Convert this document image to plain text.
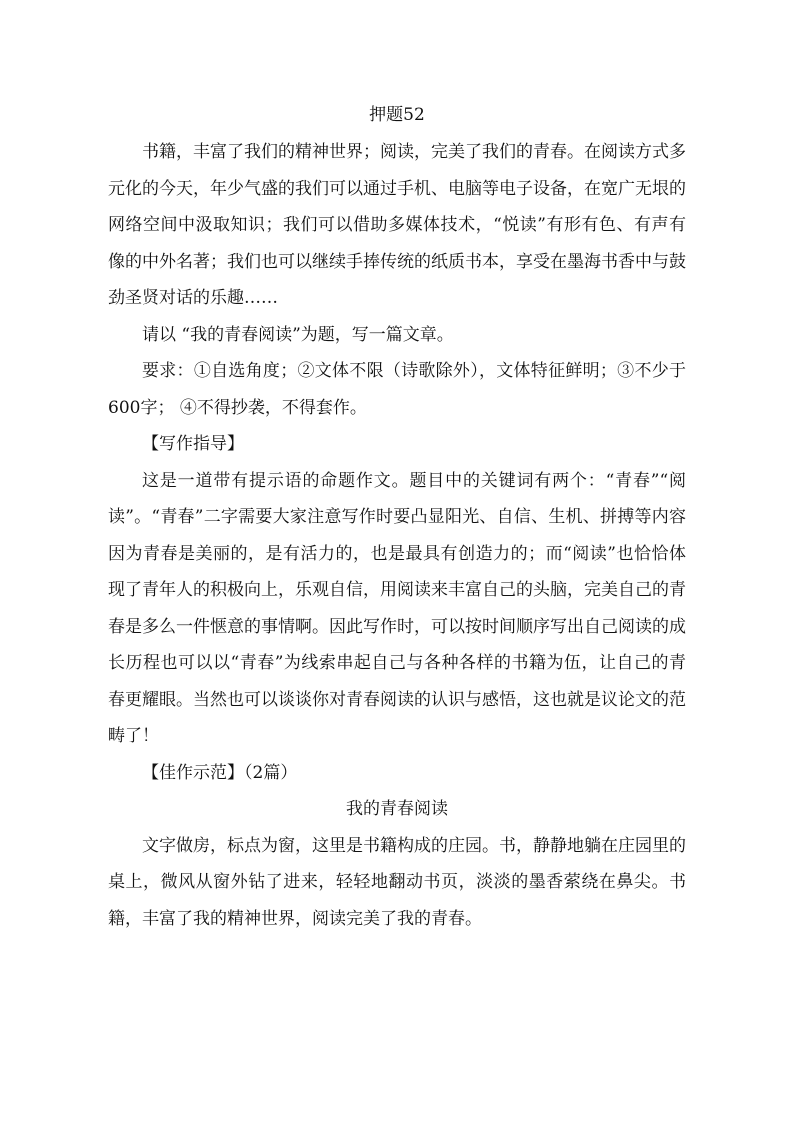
押题52

书籍，丰富了我们的精神世界；阅读，完美了我们的青春。在阅读方式多元化的今天，年少气盛的我们可以通过手机、电脑等电子设备，在宽广无垠的网络空间中汲取知识；我们可以借助多媒体技术，“悦读”有形有色、有声有像的中外名著；我们也可以继续手捧传统的纸质书本，享受在墨海书香中与鼓劲圣贤对话的乐趣……

请以 “我的青春阅读”为题，写一篇文章。

要求：①自选角度；②文体不限（诗歌除外），文体特征鲜明；③不少于600字； ④不得抄袭，不得套作。

【写作指导】

这是一道带有提示语的命题作文。题目中的关键词有两个：“青春”“阅读”。“青春”二字需要大家注意写作时要凸显阳光、自信、生机、拼搏等内容因为青春是美丽的，是有活力的，也是最具有创造力的；而“阅读”也恰恰体现了青年人的积极向上，乐观自信，用阅读来丰富自己的头脑，完美自己的青春是多么一件惬意的事情啊。因此写作时，可以按时间顺序写出自己阅读的成长历程也可以以“青春”为线索串起自己与各种各样的书籍为伍，让自己的青春更耀眼。当然也可以谈谈你对青春阅读的认识与感悟，这也就是议论文的范畴了！

【佳作示范】（2篇）

我的青春阅读

文字做房，标点为窗，这里是书籍构成的庄园。书，静静地躺在庄园里的桌上，微风从窗外钻了进来，轻轻地翻动书页，淡淡的墨香萦绕在鼻尖。书籍，丰富了我的精神世界，阅读完美了我的青春。
